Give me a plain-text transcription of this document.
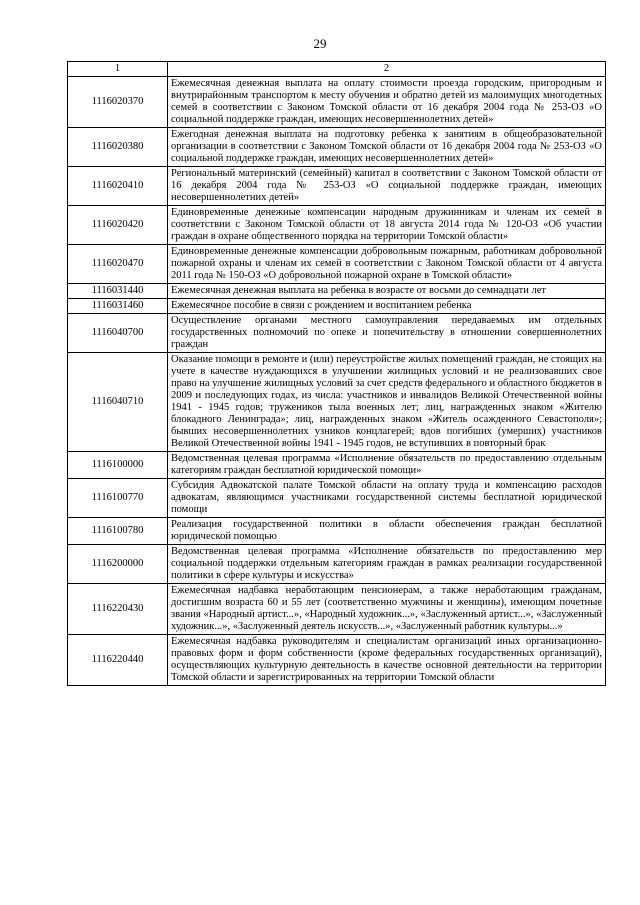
29
1	2
1116020370	Ежемесячная денежная выплата на оплату стоимости проезда городским, пригородным и внутрирайонным транспортом к месту обучения и обратно детей из малоимущих многодетных семей в соответствии с Законом Томской области от 16 декабря 2004 года № 253-ОЗ «О социальной поддержке граждан, имеющих несовершеннолетних детей»
1116020380	Ежегодная денежная выплата на подготовку ребенка к занятиям в общеобразовательной организации в соответствии с Законом Томской области от 16 декабря 2004 года № 253-ОЗ «О социальной поддержке граждан, имеющих несовершеннолетних детей»
1116020410	Региональный материнский (семейный) капитал в соответствии с Законом Томской области от 16 декабря 2004 года № 253-ОЗ «О социальной поддержке граждан, имеющих несовершеннолетних детей»
1116020420	Единовременные денежные компенсации народным дружинникам и членам их семей в соответствии с Законом Томской области от 18 августа 2014 года № 120-ОЗ «Об участии граждан в охране общественного порядка на территории Томской области»
1116020470	Единовременные денежные компенсации добровольным пожарным, работникам добровольной пожарной охраны и членам их семей в соответствии с Законом Томской области от 4 августа 2011 года № 150-ОЗ «О добровольной пожарной охране в Томской области»
1116031440	Ежемесячная денежная выплата на ребенка в возрасте от восьми до семнадцати лет
1116031460	Ежемесячное пособие в связи с рождением и воспитанием ребенка
1116040700	Осуществление органами местного самоуправления передаваемых им отдельных государственных полномочий по опеке и попечительству в отношении совершеннолетних граждан
1116040710	Оказание помощи в ремонте и (или) переустройстве жилых помещений граждан, не стоящих на учете в качестве нуждающихся в улучшении жилищных условий и не реализовавших свое право на улучшение жилищных условий за счет средств федерального и областного бюджетов в 2009 и последующих годах, из числа: участников и инвалидов Великой Отечественной войны 1941 - 1945 годов; тружеников тыла военных лет; лиц, награжденных знаком «Жителю блокадного Ленинграда»; лиц, награжденных знаком «Житель осажденного Севастополя»; бывших несовершеннолетних узников концлагерей; вдов погибших (умерших) участников Великой Отечественной войны 1941 - 1945 годов, не вступивших в повторный брак
1116100000	Ведомственная целевая программа «Исполнение обязательств по предоставлению отдельным категориям граждан бесплатной юридической помощи»
1116100770	Субсидия Адвокатской палате Томской области на оплату труда и компенсацию расходов адвокатам, являющимся участниками государственной системы бесплатной юридической помощи
1116100780	Реализация государственной политики в области обеспечения граждан бесплатной юридической помощью
1116200000	Ведомственная целевая программа «Исполнение обязательств по предоставлению мер социальной поддержки отдельным категориям граждан в рамках реализации государственной политики в сфере культуры и искусства»
1116220430	Ежемесячная надбавка неработающим пенсионерам, а также неработающим гражданам, достигшим возраста 60 и 55 лет (соответственно мужчины и женщины), имеющим почетные звания «Народный артист...», «Народный художник...», «Заслуженный артист...», «Заслуженный художник...», «Заслуженный деятель искусств...», «Заслуженный работник культуры...»
1116220440	Ежемесячная надбавка руководителям и специалистам организаций иных организационно-правовых форм и форм собственности (кроме федеральных государственных организаций), осуществляющих культурную деятельность в качестве основной деятельности на территории Томской области и зарегистрированных на территории Томской области
